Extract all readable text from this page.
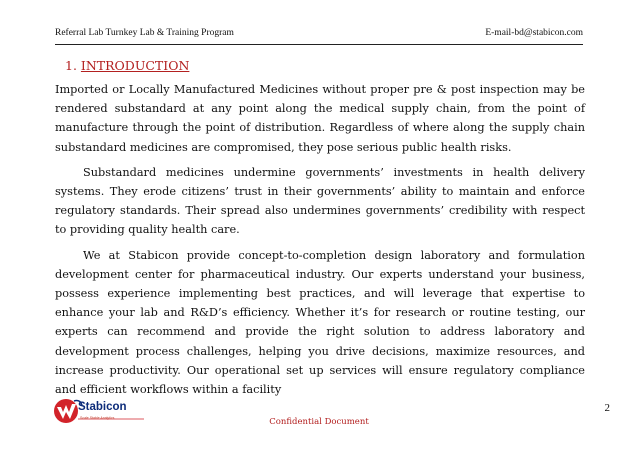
Referral Lab Turnkey Lab & Training Program	E-mail-bd@stabicon.com
1. INTRODUCTION

Imported or Locally Manufactured Medicines without proper pre & post inspection may be rendered substandard at any point along the medical supply chain, from the point of manufacture through the point of distribution. Regardless of where along the supply chain substandard medicines are compromised, they pose serious public health risks.

Substandard medicines undermine governments’ investments in health delivery systems. They erode citizens’ trust in their governments’ ability to maintain and enforce regulatory standards. Their spread also undermines governments’ credibility with respect to providing quality health care.

We at Stabicon provide concept-to-completion design laboratory and formulation development center for pharmaceutical industry. Our experts understand your business, possess experience implementing best practices, and will leverage that expertise to enhance your lab and R&D’s efficiency. Whether it’s for research or routine testing, our experts can recommend and provide the right solution to address laboratory and development process challenges, helping you drive decisions, maximize resources, and increase productivity. Our operational set up services will ensure regulatory compliance and efficient workflows within a facility

2
Stabicon
Scale Stable Analytics	Confidential Document
